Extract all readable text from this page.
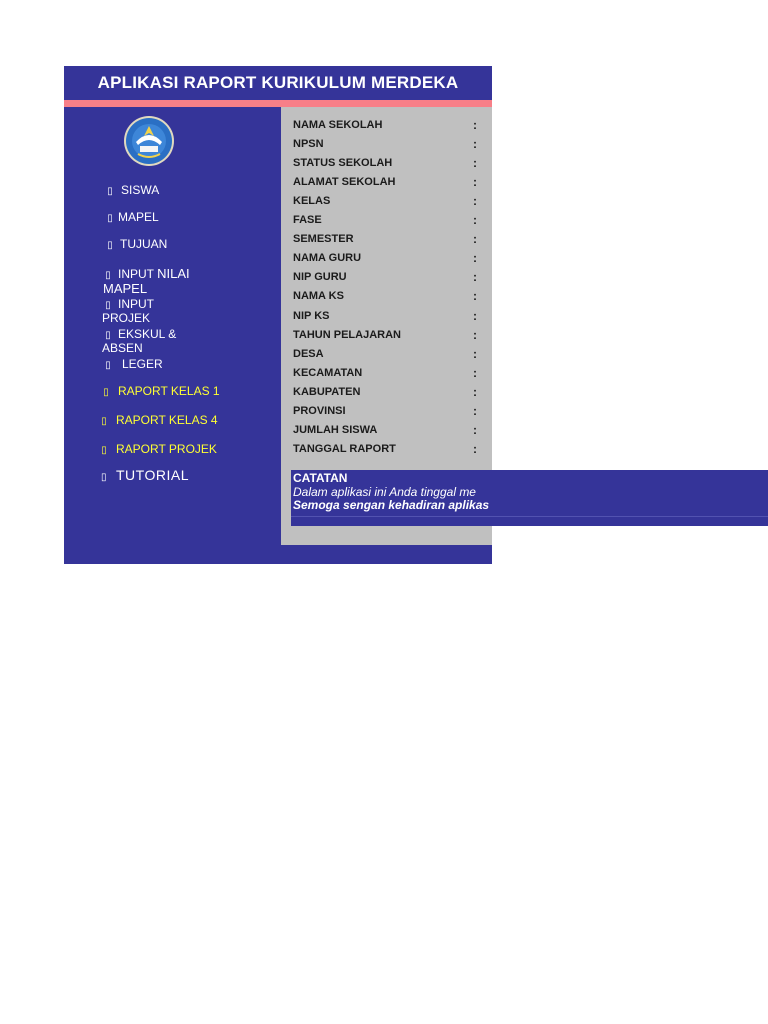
APLIKASI RAPORT KURIKULUM MERDEKA
▯ SISWA
▯ MAPEL
▯ TUJUAN
▯ INPUT NILAI
MAPEL
▯ INPUT
PROJEK
▯ EKSKUL &
ABSEN
▯ LEGER
▯ RAPORT KELAS 1
▯ RAPORT KELAS 4
▯ RAPORT PROJEK
▯ TUTORIAL
NAMA SEKOLAH	:
NPSN	:
STATUS SEKOLAH	:
ALAMAT SEKOLAH	:
KELAS	:
FASE	:
SEMESTER	:
NAMA GURU	:
NIP GURU	:
NAMA KS	:
NIP KS	:
TAHUN PELAJARAN	:
DESA	:
KECAMATAN	:
KABUPATEN	:
PROVINSI	:
JUMLAH SISWA	:
TANGGAL RAPORT	:
CATATAN
Dalam aplikasi ini Anda tinggal me
Semoga sengan kehadiran aplikas
